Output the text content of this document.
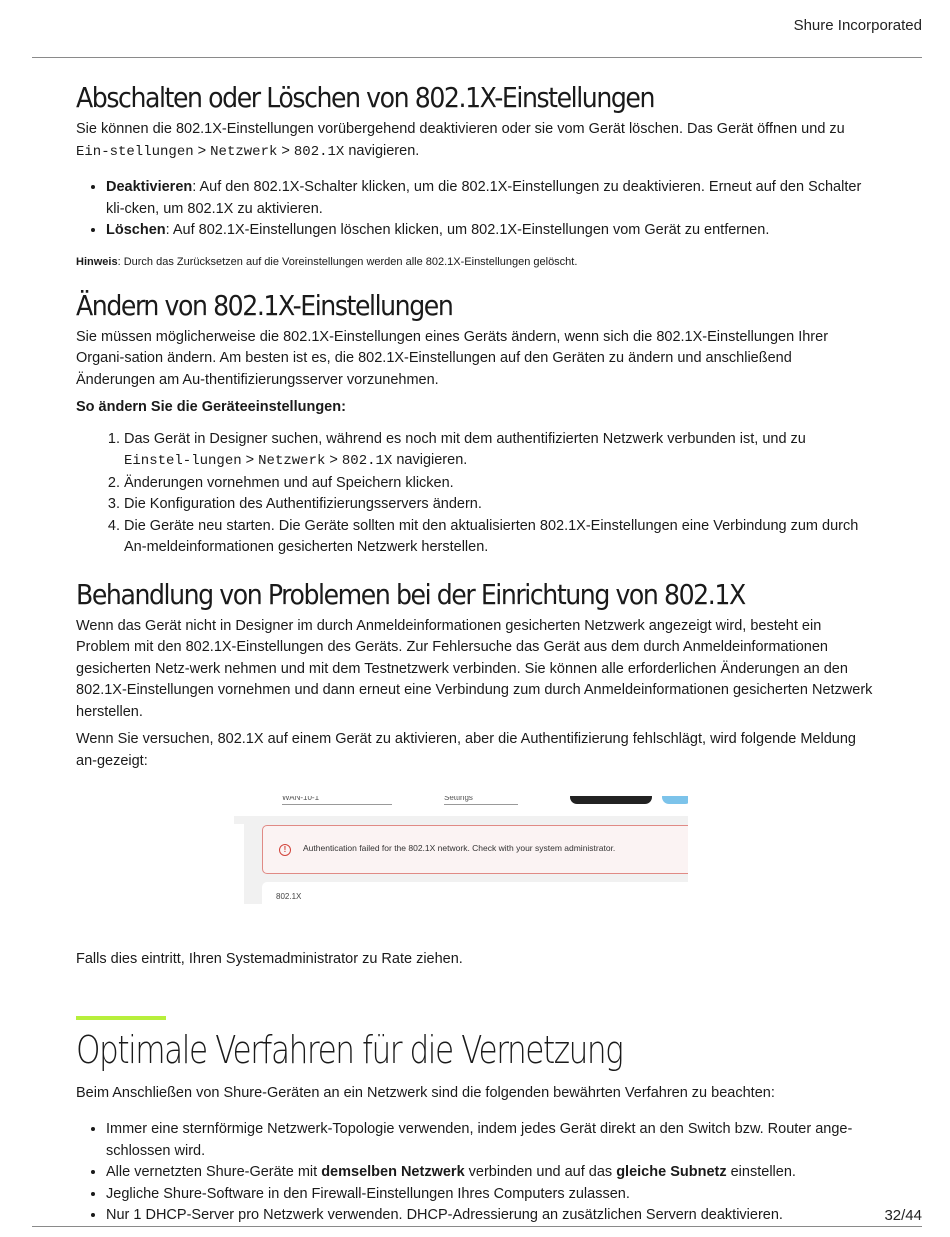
Shure Incorporated
Abschalten oder Löschen von 802.1X-Einstellungen

Sie können die 802.1X-Einstellungen vorübergehend deaktivieren oder sie vom Gerät löschen. Das Gerät öffnen und zu Ein-stellungen > Netzwerk > 802.1X navigieren.

• Deaktivieren: Auf den 802.1X-Schalter klicken, um die 802.1X-Einstellungen zu deaktivieren. Erneut auf den Schalter kli-cken, um 802.1X zu aktivieren.
• Löschen: Auf 802.1X-Einstellungen löschen klicken, um 802.1X-Einstellungen vom Gerät zu entfernen.

Hinweis: Durch das Zurücksetzen auf die Voreinstellungen werden alle 802.1X-Einstellungen gelöscht.

Ändern von 802.1X-Einstellungen

Sie müssen möglicherweise die 802.1X-Einstellungen eines Geräts ändern, wenn sich die 802.1X-Einstellungen Ihrer Organi-sation ändern. Am besten ist es, die 802.1X-Einstellungen auf den Geräten zu ändern und anschließend Änderungen am Au-thentifizierungsserver vorzunehmen.

So ändern Sie die Geräteeinstellungen:

1. Das Gerät in Designer suchen, während es noch mit dem authentifizierten Netzwerk verbunden ist, und zu Einstel-lungen > Netzwerk > 802.1X navigieren.
2. Änderungen vornehmen und auf Speichern klicken.
3. Die Konfiguration des Authentifizierungsservers ändern.
4. Die Geräte neu starten. Die Geräte sollten mit den aktualisierten 802.1X-Einstellungen eine Verbindung zum durch An-meldeinformationen gesicherten Netzwerk herstellen.
Behandlung von Problemen bei der Einrichtung von 802.1X

Wenn das Gerät nicht in Designer im durch Anmeldeinformationen gesicherten Netzwerk angezeigt wird, besteht ein Problem mit den 802.1X-Einstellungen des Geräts. Zur Fehlersuche das Gerät aus dem durch Anmeldeinformationen gesicherten Netz-werk nehmen und mit dem Testnetzwerk verbinden. Sie können alle erforderlichen Änderungen an den 802.1X-Einstellungen vornehmen und dann erneut eine Verbindung zum durch Anmeldeinformationen gesicherten Netzwerk herstellen.

Wenn Sie versuchen, 802.1X auf einem Gerät zu aktivieren, aber die Authentifizierung fehlschlägt, wird folgende Meldung an-gezeigt:

WAN-10-1	Settings
!	Authentication failed for the 802.1X network. Check with your system administrator.
802.1X

Falls dies eintritt, Ihren Systemadministrator zu Rate ziehen.

Optimale Verfahren für die Vernetzung

Beim Anschließen von Shure-Geräten an ein Netzwerk sind die folgenden bewährten Verfahren zu beachten:

• Immer eine sternförmige Netzwerk-Topologie verwenden, indem jedes Gerät direkt an den Switch bzw. Router ange-schlossen wird.
• Alle vernetzten Shure-Geräte mit demselben Netzwerk verbinden und auf das gleiche Subnetz einstellen.
• Jegliche Shure-Software in den Firewall-Einstellungen Ihres Computers zulassen.
• Nur 1 DHCP-Server pro Netzwerk verwenden. DHCP-Adressierung an zusätzlichen Servern deaktivieren.	32/44
